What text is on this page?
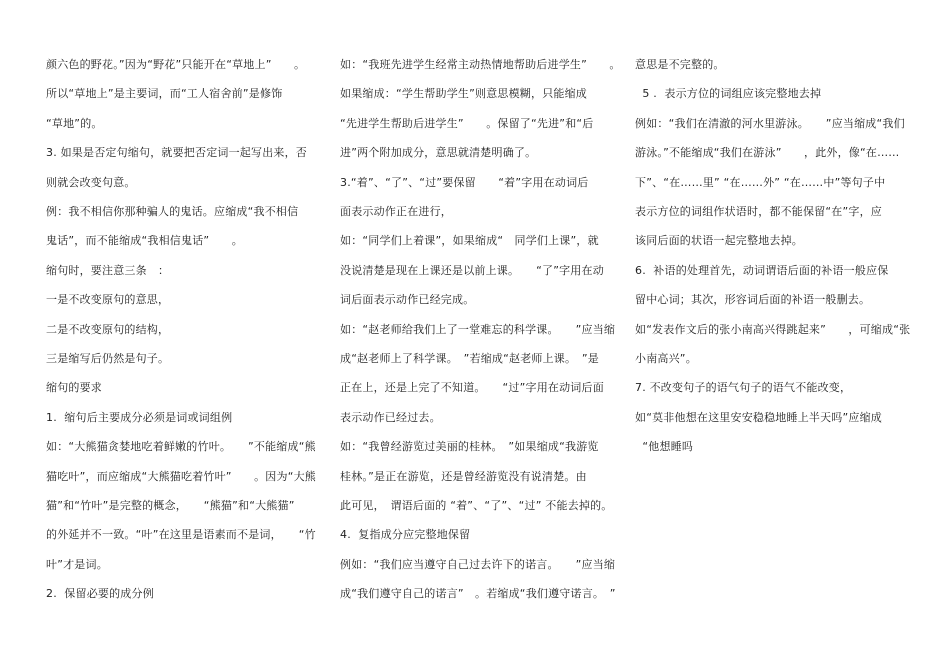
颜六色的野花。”因为“野花”只能开在“草地上”　　。
所以“草地上”是主要词，而“工人宿舍前”是修饰
“草地”的。
3. 如果是否定句缩句，就要把否定词一起写出来，否
则就会改变句意。
例：我不相信你那种骗人的鬼话。应缩成“我不相信
鬼话”，而不能缩成“我相信鬼话”　　。
缩句时，要注意三条　：
一是不改变原句的意思，
二是不改变原句的结构，
三是缩写后仍然是句子。
缩句的要求
1.  缩句后主要成分必须是词或词组例
如：“大熊猫贪婪地吃着鲜嫩的竹叶。　　”不能缩成“熊
猫吃叶”，而应缩成“大熊猫吃着竹叶”　　。因为“大熊
猫”和“竹叶”是完整的概念，　　“熊猫”和“大熊猫”
的外延并不一致。“叶”在这里是语素而不是词，　　“竹
叶”才是词。
2.  保留必要的成分例
如：“我班先进学生经常主动热情地帮助后进学生”　　。
如果缩成：“学生帮助学生”则意思模糊，只能缩成
“先进学生帮助后进学生”　　。保留了“先进”和“后
进”两个附加成分，意思就清楚明确了。
3.“着”、“了”、“过”要保留　　“着”字用在动词后
面表示动作正在进行，
如：“同学们上着课”，如果缩成“　同学们上课”，就
没说清楚是现在上课还是以前上课。　　“了”字用在动
词后面表示动作已经完成。
如：“赵老师给我们上了一堂难忘的科学课。　　”应当缩
成“赵老师上了科学课。　”若缩成“赵老师上课。　”是
正在上，还是上完了不知道。　　“过”字用在动词后面
表示动作已经过去。
如：“我曾经游览过美丽的桂林。　”如果缩成“我游览
桂林。”是正在游览，还是曾经游览没有说清楚。由
此可见，　谓语后面的 “着”、“了”、“过” 不能去掉的。
4.  复指成分应完整地保留
例如：“我们应当遵守自己过去许下的诺言。　　”应当缩
成“我们遵守自己的诺言”　。若缩成“我们遵守诺言。　”
意思是不完整的。
5 .  表示方位的词组应该完整地去掉
例如：“我们在清澈的河水里游泳。　　”应当缩成“我们
游泳。”不能缩成“我们在游泳”　　，此外，像“在……
下”、“在……里” “在……外” “在……中”等句子中
表示方位的词组作状语时，都不能保留“在”字，应
该同后面的状语一起完整地去掉。
6.  补语的处理首先，动词谓语后面的补语一般应保
留中心词；其次，形容词后面的补语一般删去。
如“发表作文后的张小南高兴得跳起来”　　，可缩成“张
小南高兴”。
7. 不改变句子的语气句子的语气不能改变，
如“莫非他想在这里安安稳稳地睡上半天吗”应缩成
“他想睡吗
